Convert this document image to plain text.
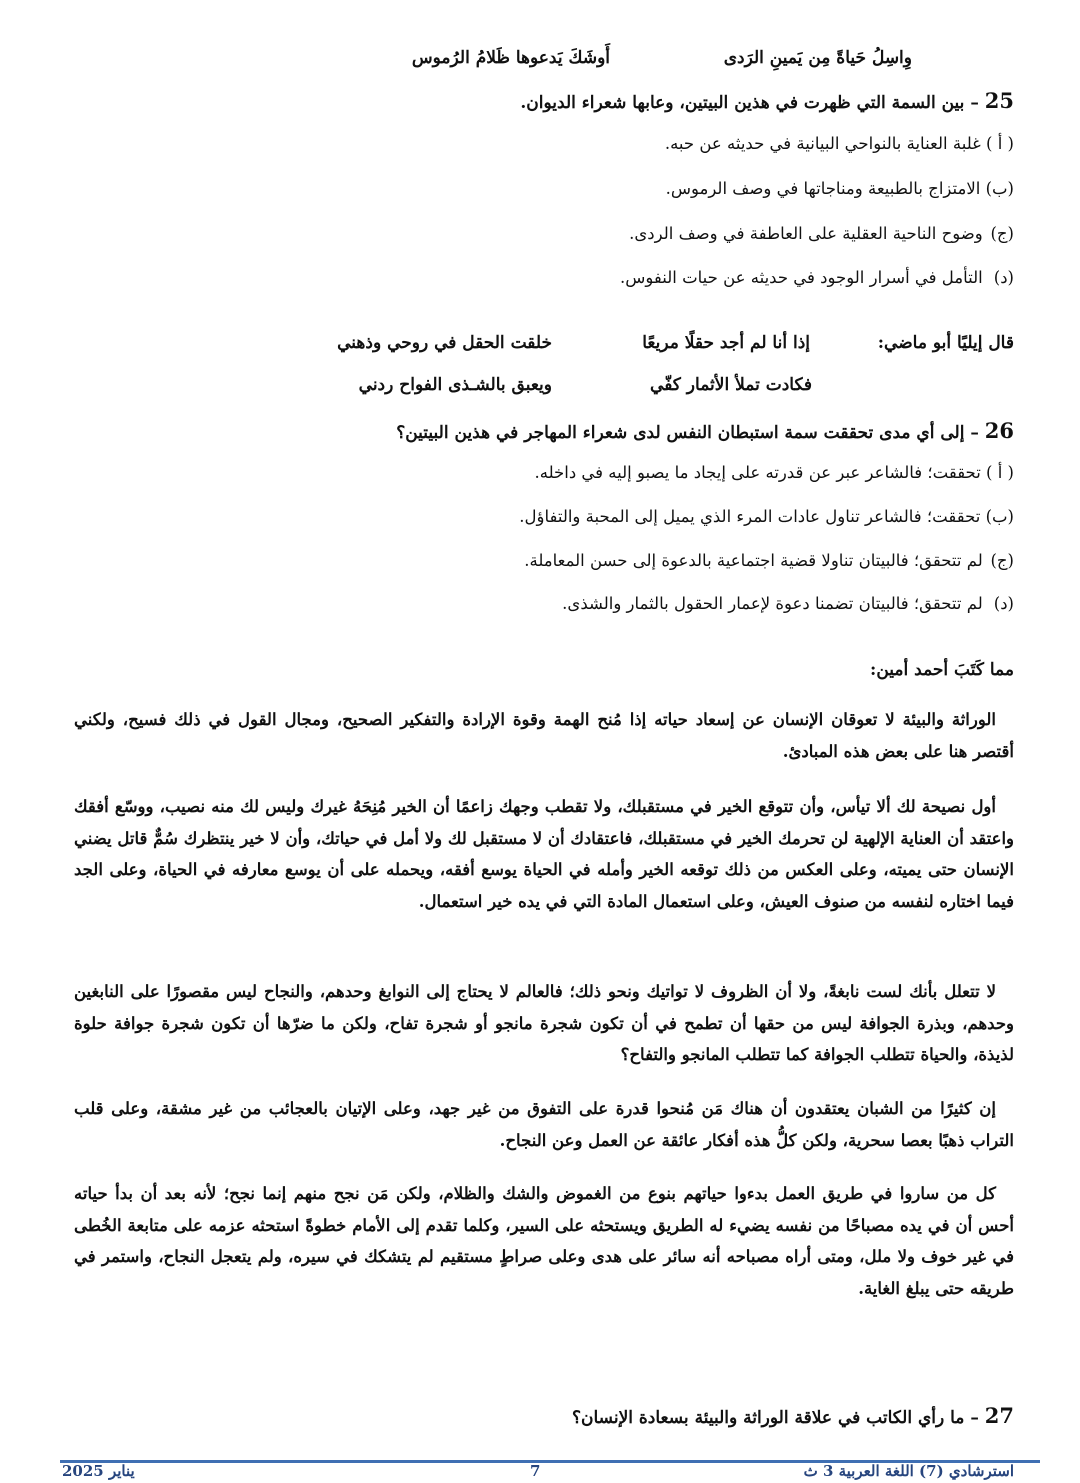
وِاسِلُ حَياةً مِن يَمينِ الرَدى
أَوشَكَ يَدعوها ظَلامُ الرُموس
25 – بين السمة التي ظهرت في هذين البيتين، وعابها شعراء الديوان.
( أ ) غلبة العناية بالنواحي البيانية في حديثه عن حبه.
(ب) الامتزاج بالطبيعة ومناجاتها في وصف الرموس.
(ج) وضوح الناحية العقلية على العاطفة في وصف الردى.
(د) التأمل في أسرار الوجود في حديثه عن حيات النفوس.
قال إيليًا أبو ماضي:
إذا أنا لم أجد حقلًا مريعًا
خلقت الحقل في روحي وذهني
فكادت تملأ الأثمار كفّي
ويعبق بالشـذى الفواح ردني
26 – إلى أي مدى تحققت سمة استبطان النفس لدى شعراء المهاجر في هذين البيتين؟
( أ ) تحققت؛ فالشاعر عبر عن قدرته على إيجاد ما يصبو إليه في داخله.
(ب) تحققت؛ فالشاعر تناول عادات المرء الذي يميل إلى المحبة والتفاؤل.
(ج) لم تتحقق؛ فالبيتان تناولا قضية اجتماعية بالدعوة إلى حسن المعاملة.
(د) لم تتحقق؛ فالبيتان تضمنا دعوة لإعمار الحقول بالثمار والشذى.
مما كَتَبَ أحمد أمين:
الوراثة والبيئة لا تعوقان الإنسان عن إسعاد حياته إذا مُنح الهمة وقوة الإرادة والتفكير الصحيح، ومجال القول في ذلك فسيح، ولكني أقتصر هنا على بعض هذه المبادئ.
أول نصيحة لك ألا تيأس، وأن تتوقع الخير في مستقبلك، ولا تقطب وجهك زاعمًا أن الخير مُنِحَهُ غيرك وليس لك منه نصيب، ووسّع أفقك واعتقد أن العناية الإلهية لن تحرمك الخير في مستقبلك، فاعتقادك أن لا مستقبل لك ولا أمل في حياتك، وأن لا خير ينتظرك سُمٌّ قاتل يضني الإنسان حتى يميته، وعلى العكس من ذلك توقعه الخير وأمله في الحياة يوسع أفقه، ويحمله على أن يوسع معارفه في الحياة، وعلى الجد فيما اختاره لنفسه من صنوف العيش، وعلى استعمال المادة التي في يده خير استعمال.
لا تتعلل بأنك لست نابغةً، ولا أن الظروف لا تواتيك ونحو ذلك؛ فالعالم لا يحتاج إلى النوابغ وحدهم، والنجاح ليس مقصورًا على النابغين وحدهم، وبذرة الجوافة ليس من حقها أن تطمح في أن تكون شجرة مانجو أو شجرة تفاح، ولكن ما ضرّها أن تكون شجرة جوافة حلوة لذيذة، والحياة تتطلب الجوافة كما تتطلب المانجو والتفاح؟
إن كثيرًا من الشبان يعتقدون أن هناك مَن مُنحوا قدرة على التفوق من غير جهد، وعلى الإتيان بالعجائب من غير مشقة، وعلى قلب التراب ذهبًا بعصا سحرية، ولكن كلُّ هذه أفكار عائقة عن العمل وعن النجاح.
كل من ساروا في طريق العمل بدءوا حياتهم بنوع من الغموض والشك والظلام، ولكن مَن نجح منهم إنما نجح؛ لأنه بعد أن بدأ حياته أحس أن في يده مصباحًا من نفسه يضيء له الطريق ويستحثه على السير، وكلما تقدم إلى الأمام خطوةً استحثه عزمه على متابعة الخُطى في غير خوف ولا ملل، ومتى أراه مصباحه أنه سائر على هدى وعلى صراطٍ مستقيم لم يتشكك في سيره، ولم يتعجل النجاح، واستمر في طريقه حتى يبلغ الغاية.
27 – ما رأي الكاتب في علاقة الوراثة والبيئة بسعادة الإنسان؟
استرشادي (7) اللغة العربية 3 ث
7
يناير 2025
